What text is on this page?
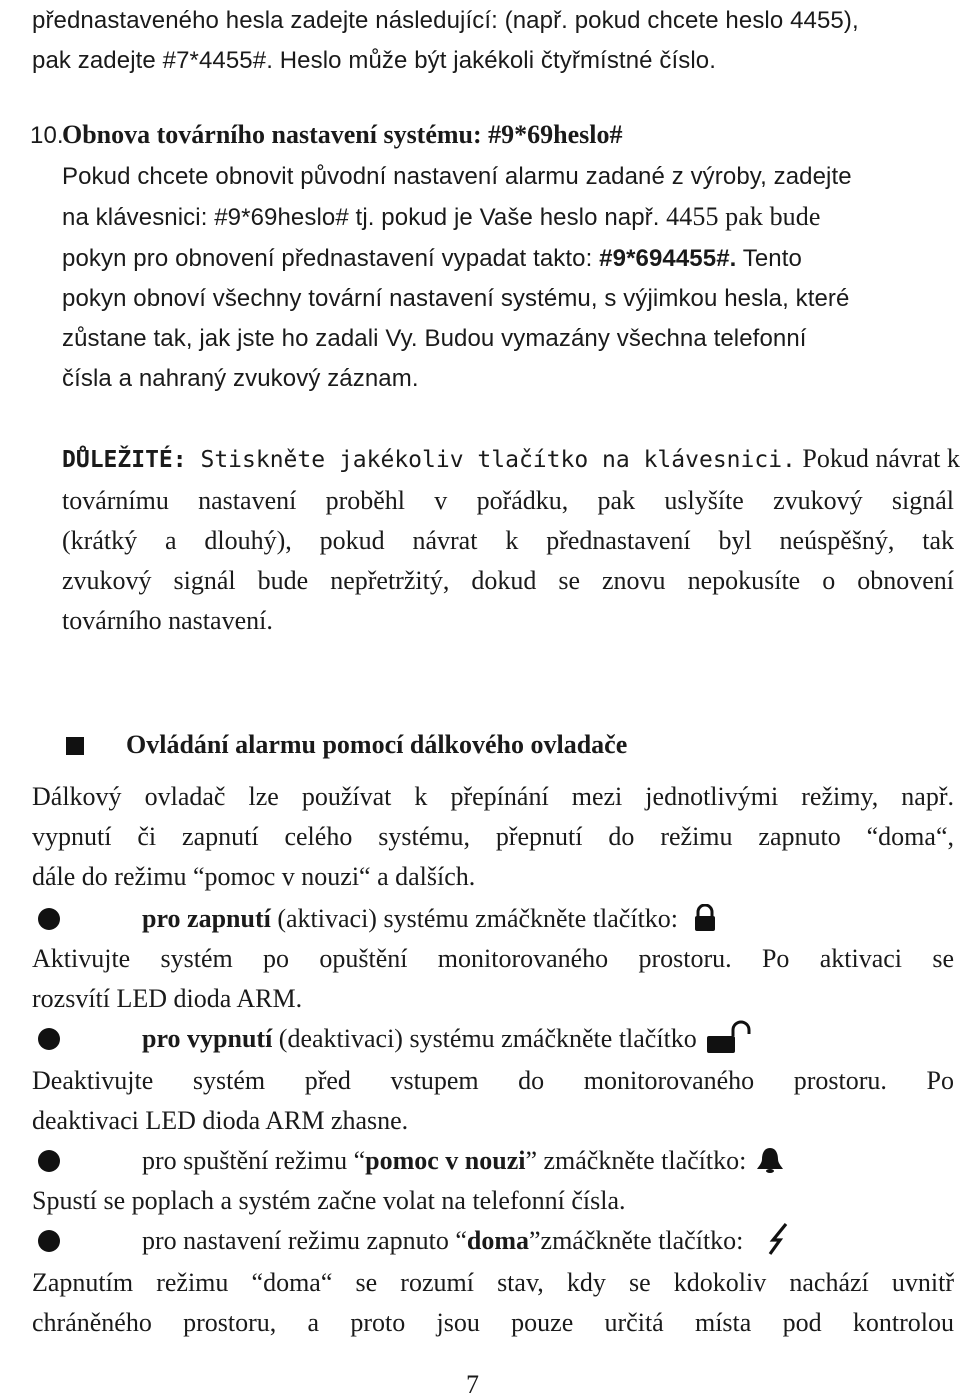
přednastaveného hesla zadejte následující: (např. pokud chcete heslo 4455),
pak zadejte #7*4455#. Heslo může být jakékoli čtyřmístné číslo.
10.
Obnova továrního nastavení systému: #9*69heslo#
Pokud chcete obnovit původní nastavení alarmu zadané z výroby, zadejte
na klávesnici: #9*69heslo# tj. pokud je Vaše heslo např. 4455 pak bude
pokyn pro obnovení přednastavení vypadat takto: #9*694455#. Tento
pokyn obnoví všechny tovární nastavení systému, s výjimkou hesla, které
zůstane tak, jak jste ho zadali Vy. Budou vymazány všechna telefonní
čísla a nahraný zvukový záznam.
DŮLEŽITÉ: Stiskněte jakékoliv tlačítko na klávesnici. Pokud návrat k
továrnímu nastavení proběhl v pořádku, pak uslyšíte zvukový signál
(krátký a dlouhý), pokud návrat k přednastavení byl neúspěšný, tak
zvukový signál bude nepřetržitý, dokud se znovu nepokusíte o obnovení
továrního nastavení.
Ovládání alarmu pomocí dálkového ovladače
Dálkový ovladač lze používat k přepínání mezi jednotlivými režimy, např.
vypnutí či zapnutí celého systému, přepnutí do režimu zapnuto “doma“,
dále do režimu “pomoc v nouzi“ a dalších.
pro zapnutí (aktivaci) systému zmáčkněte tlačítko:
Aktivujte systém po opuštění monitorovaného prostoru. Po aktivaci se
rozsvítí LED dioda ARM.
pro vypnutí (deaktivaci) systému zmáčkněte tlačítko
Deaktivujte systém před vstupem do monitorovaného prostoru. Po
deaktivaci LED dioda ARM zhasne.
pro spuštění režimu “pomoc v nouzi” zmáčkněte tlačítko:
Spustí se poplach a systém začne volat na telefonní čísla.
pro nastavení režimu zapnuto “doma”zmáčkněte tlačítko:
Zapnutím režimu “doma“ se rozumí stav, kdy se kdokoliv nachází uvnitř
chráněného prostoru, a proto jsou pouze určitá místa pod kontrolou
7
